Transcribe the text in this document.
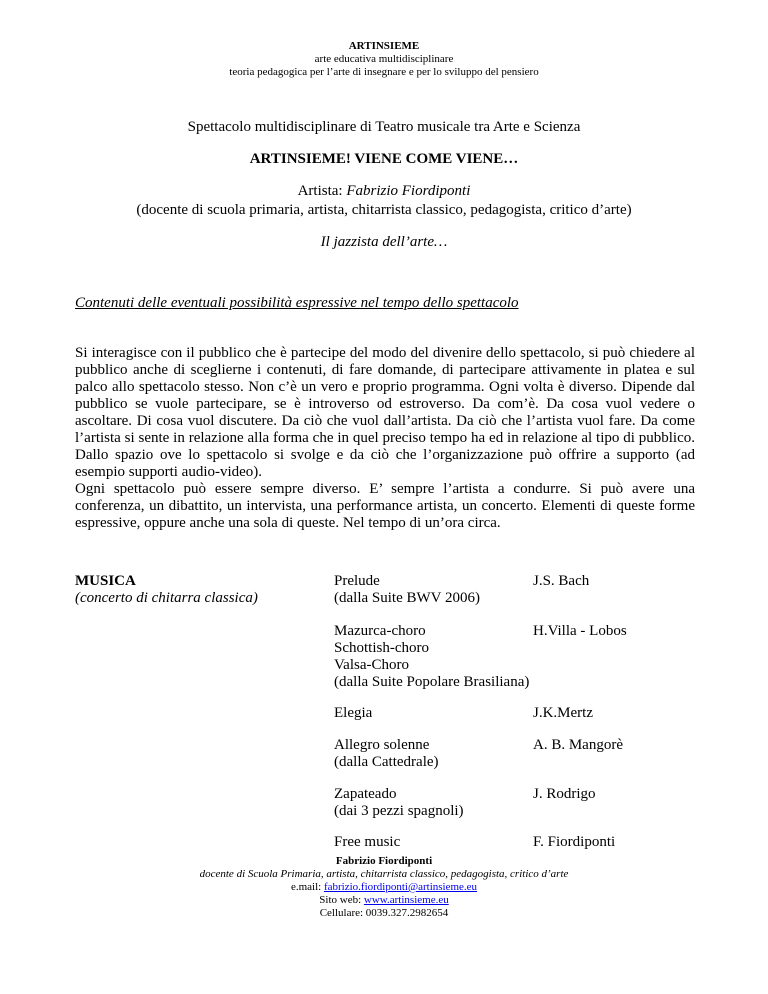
ARTINSIEME
arte educativa multidisciplinare
teoria pedagogica per l’arte di insegnare e per lo sviluppo del pensiero
Spettacolo multidisciplinare di Teatro musicale tra Arte e Scienza
ARTINSIEME! VIENE COME VIENE…
Artista: Fabrizio Fiordiponti
(docente di scuola primaria, artista, chitarrista classico, pedagogista, critico d’arte)
Il jazzista dell’arte…
Contenuti delle eventuali possibilità espressive nel tempo dello spettacolo

Si interagisce con il pubblico che è partecipe del modo del divenire dello spettacolo, si può chiedere al pubblico anche di sceglierne i contenuti, di fare domande, di partecipare attivamente in platea e sul palco allo spettacolo stesso. Non c’è un vero e proprio programma. Ogni volta è diverso. Dipende dal pubblico se vuole partecipare, se è introverso od estroverso. Da com’è. Da cosa vuol vedere o ascoltare. Di cosa vuol discutere. Da ciò che vuol dall’artista. Da ciò che l’artista vuol fare. Da come l’artista si sente in relazione alla forma che in quel preciso tempo ha ed in relazione al tipo di pubblico. Dallo spazio ove lo spettacolo si svolge e da ciò che l’organizzazione può offrire a supporto (ad esempio supporti audio-video).

Ogni spettacolo può essere sempre diverso. E’ sempre l’artista a condurre. Si può avere una conferenza, un dibattito, un intervista, una performance artista, un concerto. Elementi di queste forme espressive, oppure anche una sola di queste. Nel tempo di un’ora circa.

MUSICA
(concerto di chitarra classica)
Prelude
(dalla Suite BWV 2006)
J.S. Bach
Mazurca-choro
Schottish-choro
Valsa-Choro
(dalla Suite Popolare Brasiliana)
H.Villa - Lobos
Elegia	J.K.Mertz
Allegro solenne
(dalla Cattedrale)
A. B. Mangorè
Zapateado
(dai 3 pezzi spagnoli)
J. Rodrigo
Free music	F. Fiordiponti
Fabrizio Fiordiponti
docente di Scuola Primaria, artista, chitarrista classico, pedagogista, critico d’arte
e.mail: fabrizio.fiordiponti@artinsieme.eu
Sito web: www.artinsieme.eu
Cellulare: 0039.327.2982654
